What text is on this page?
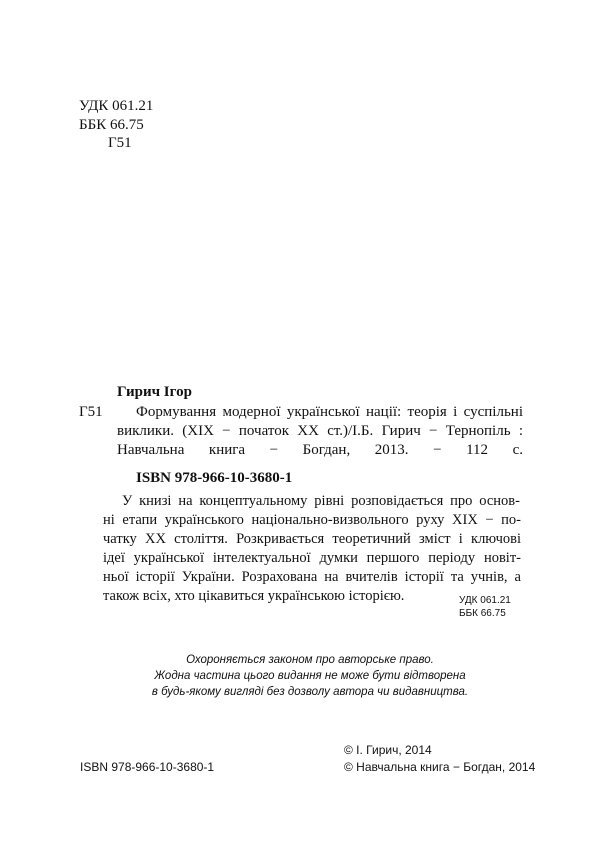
УДК 061.21
ББК 66.75
Г51
Гирич Ігор
Г51 Формування модерної української нації: теорія і суспільні
виклики. (XIX − початок XX ст.)/І.Б. Гирич − Тернопіль :
Навчальна книга − Богдан, 2013. − 112 с.
ISBN 978-966-10-3680-1
У книзі на концептуальному рівні розповідається про основ-
ні етапи українського національно-визвольного руху XIX − по-
чатку XX століття. Розкривається теоретичний зміст і ключові
ідеї української інтелектуальної думки першого періоду новіт-
ньої історії України. Розрахована на вчителів історії та учнів, а
також всіх, хто цікавиться українською історією.	УДК 061.21
ББК 66.75
Охороняється законом про авторське право.
Жодна частина цього видання не може бути відтворена
в будь-якому вигляді без дозволу автора чи видавництва.
© І. Гирич, 2014
ISBN 978-966-10-3680-1	© Навчальна книга − Богдан, 2014
